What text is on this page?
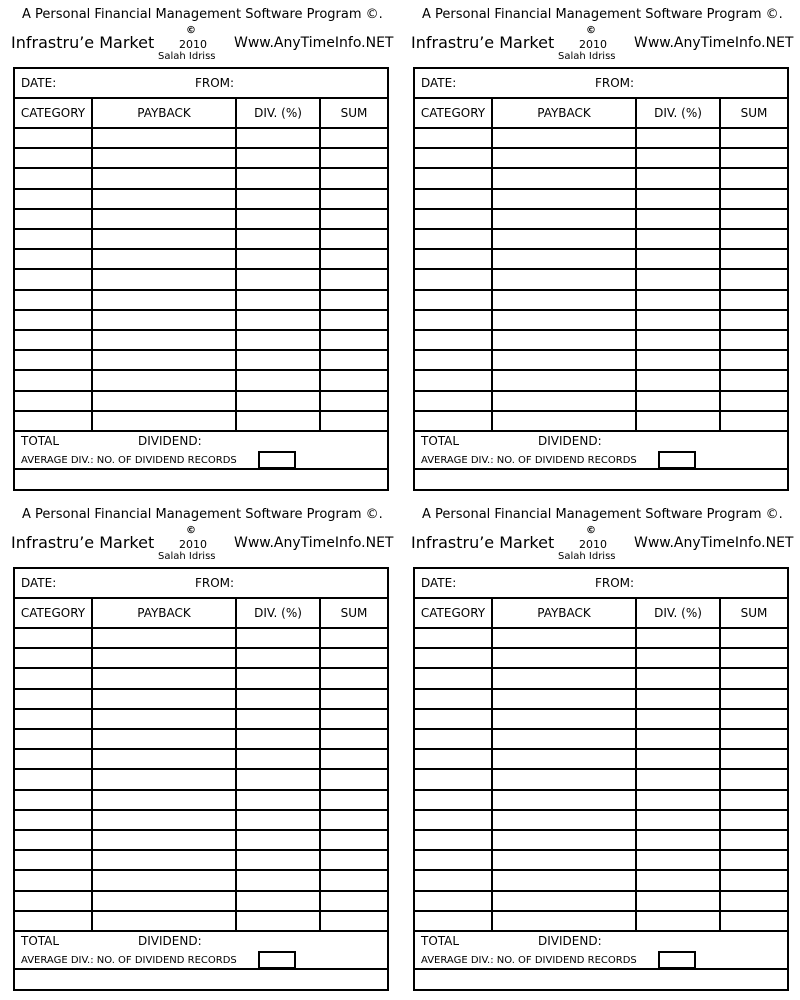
A Personal Financial Management Software Program ©.
Infrastru’e Market
©
2010
Salah Idriss
Www.AnyTimeInfo.NET
DATE:	FROM:
CATEGORY	PAYBACK	DIV. (%)	SUM
TOTAL	DIVIDEND:
AVERAGE DIV.: NO. OF DIVIDEND RECORDS
A Personal Financial Management Software Program ©.
Infrastru’e Market
©
2010
Salah Idriss
Www.AnyTimeInfo.NET
DATE:	FROM:
CATEGORY	PAYBACK	DIV. (%)	SUM
TOTAL	DIVIDEND:
AVERAGE DIV.: NO. OF DIVIDEND RECORDS
A Personal Financial Management Software Program ©.
Infrastru’e Market
©
2010
Salah Idriss
Www.AnyTimeInfo.NET
DATE:	FROM:
CATEGORY	PAYBACK	DIV. (%)	SUM
TOTAL	DIVIDEND:
AVERAGE DIV.: NO. OF DIVIDEND RECORDS
A Personal Financial Management Software Program ©.
Infrastru’e Market
©
2010
Salah Idriss
Www.AnyTimeInfo.NET
DATE:	FROM:
CATEGORY	PAYBACK	DIV. (%)	SUM
TOTAL	DIVIDEND:
AVERAGE DIV.: NO. OF DIVIDEND RECORDS
